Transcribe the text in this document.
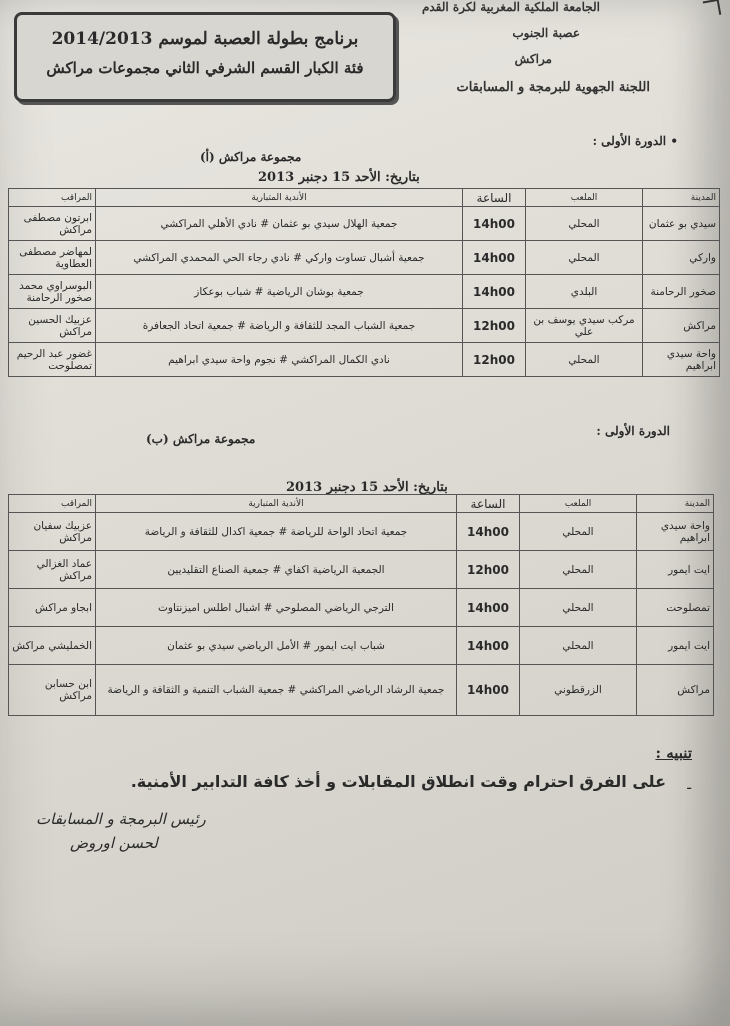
برنامج بطولة العصبة لموسم 2014/2013
فئة الكبار القسم الشرفي الثاني مجموعات مراكش
الجامعة الملكية المغربية لكرة القدم
عصبة الجنوب
مراكش
اللجنة الجهوية للبرمجة و المسابقات
• الدورة الأولى :
مجموعة مراكش (أ)
بتاريخ: الأحد 15 دجنبر 2013
المدينة	الملعب	الساعة	الأندية المتبارية	المراقب
سيدي بو عثمان	المحلي	14h00	جمعية الهلال سيدي بو عثمان # نادي الأهلي المراكشي	ابرتون مصطفى مراكش
واركي	المحلي	14h00	جمعية أشبال تساوت واركي # نادي رجاء الحي المحمدي المراكشي	لمهاضر مصطفى العطاوية
صخور الرحامنة	البلدي	14h00	جمعية بوشان الرياضية # شباب بوعكاز	البوسراوي محمد صخور الرحامنة
مراكش	مركب سيدي يوسف بن علي	12h00	جمعية الشباب المجد للثقافة و الرياضة # جمعية اتحاد الجعافرة	عزبيك الحسين مراكش
واحة سيدي ابراهيم	المحلي	12h00	نادي الكمال المراكشي # نجوم واحة سيدي ابراهيم	غضور عبد الرحيم تمصلوحت
الدورة الأولى :
مجموعة مراكش (ب)
بتاريخ: الأحد 15 دجنبر 2013
المدينة	الملعب	الساعة	الأندية المتبارية	المراقب
واحة سيدي ابراهيم	المحلي	14h00	جمعية اتحاد الواحة للرياضة # جمعية اكدال للثقافة و الرياضة	عزبيك سفيان مراكش
ايت ايمور	المحلي	12h00	الجمعية الرياضية اكفاي # جمعية الصناع التقليديين	عماد الغزالي مراكش
تمصلوحت	المحلي	14h00	الترجي الرياضي المصلوحي # اشبال اطلس اميزنتاوت	ابجاو مراكش
ايت ايمور	المحلي	14h00	شباب ايت ايمور # الأمل الرياضي سيدي بو عثمان	الخمليشي مراكش
مراكش	الزرقطوني	14h00	جمعية الرشاد الرياضي المراكشي # جمعية الشباب التنمية و الثقافة و الرياضة	ابن حسابن مراكش
تنبيه :
-
على الفرق احترام وقت انطلاق المقابلات و أخذ كافة التدابير الأمنية.
رئيس البرمجة و المسابقات
لحسن اوروض
